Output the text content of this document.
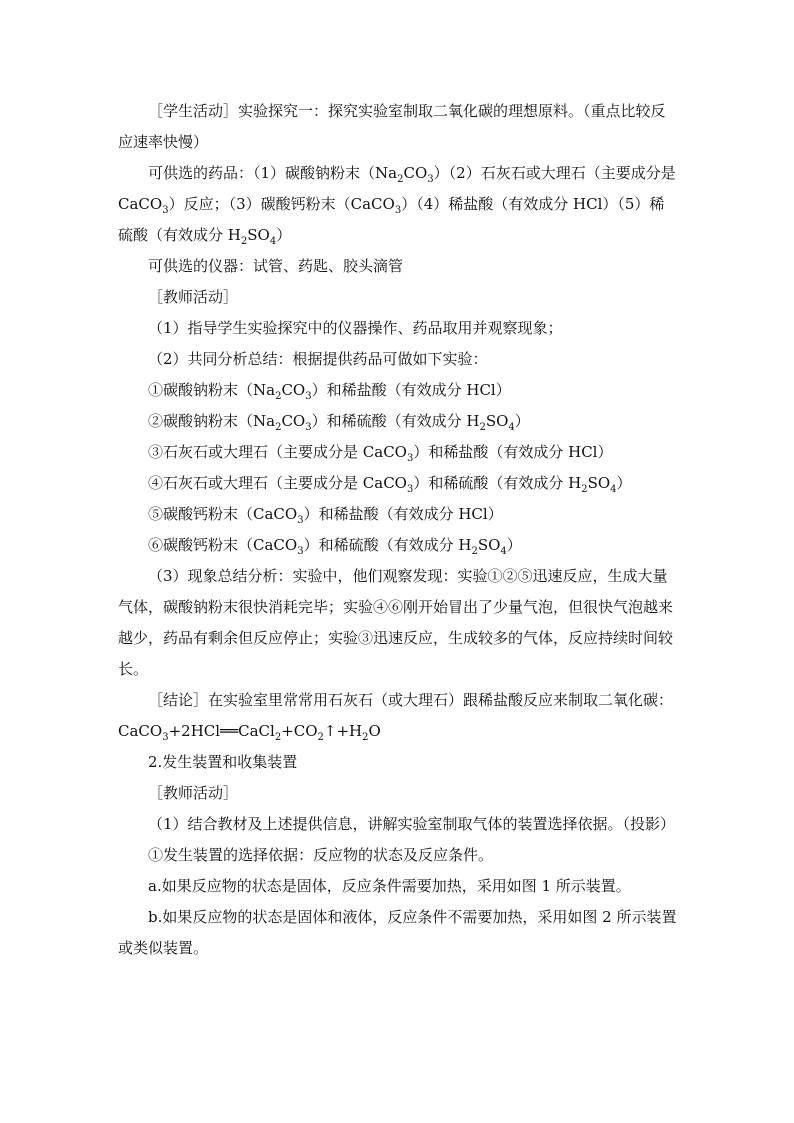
［学生活动］实验探究一：探究实验室制取二氧化碳的理想原料。（重点比较反应速率快慢）

可供选的药品：（1）碳酸钠粉末$(Na_2CO_3)(2)$石灰石或大理石（主要成分是 CaCO$_3$）反应；（3）碳酸钙粉末（CaCO$_3$）（4）稀盐酸（有效成分 HCl）（5）稀硫酸（有效成分 $H_2SO_4$）

可供选的仪器：试管、药匙、胶头滴管

［教师活动］

（1）指导学生实验探究中的仪器操作、药品取用并观察现象；

（2）共同分析总结：根据提供药品可做如下实验：

①碳酸钠粉末$(Na_2CO_3)$和稀盐酸（有效成分 HCl）

②碳酸钠粉末$(Na_2CO_3)$和稀硫酸（有效成分 $H_2SO_4$）

③石灰石或大理石（主要成分是 CaCO$_3$）和稀盐酸（有效成分 HCl）

④石灰石或大理石（主要成分是 CaCO$_3$）和稀硫酸（有效成分 $H_2SO_4$）

⑤碳酸钙粉末（CaCO$_3$）和稀盐酸（有效成分 HCl）

⑥碳酸钙粉末（CaCO$_3$）和稀硫酸（有效成分 $H_2SO_4$）

（3）现象总结分析：实验中，他们观察发现：实验①②⑤迅速反应，生成大量气体，碳酸钠粉末很快消耗完毕；实验④⑥刚开始冒出了少量气泡，但很快气泡越来越少，药品有剩余但反应停止；实验③迅速反应，生成较多的气体，反应持续时间较长。

［结论］在实验室里常常用石灰石（或大理石）跟稀盐酸反应来制取二氧化碳：$CaCO_3+2HCl══CaCl_2+CO_2↑+H_2O$

2.发生装置和收集装置

［教师活动］

（1）结合教材及上述提供信息，讲解实验室制取气体的装置选择依据。（投影）

①发生装置的选择依据：反应物的状态及反应条件。

a.如果反应物的状态是固体，反应条件需要加热，采用如图 1 所示装置。

b.如果反应物的状态是固体和液体，反应条件不需要加热，采用如图 2 所示装置或类似装置。
